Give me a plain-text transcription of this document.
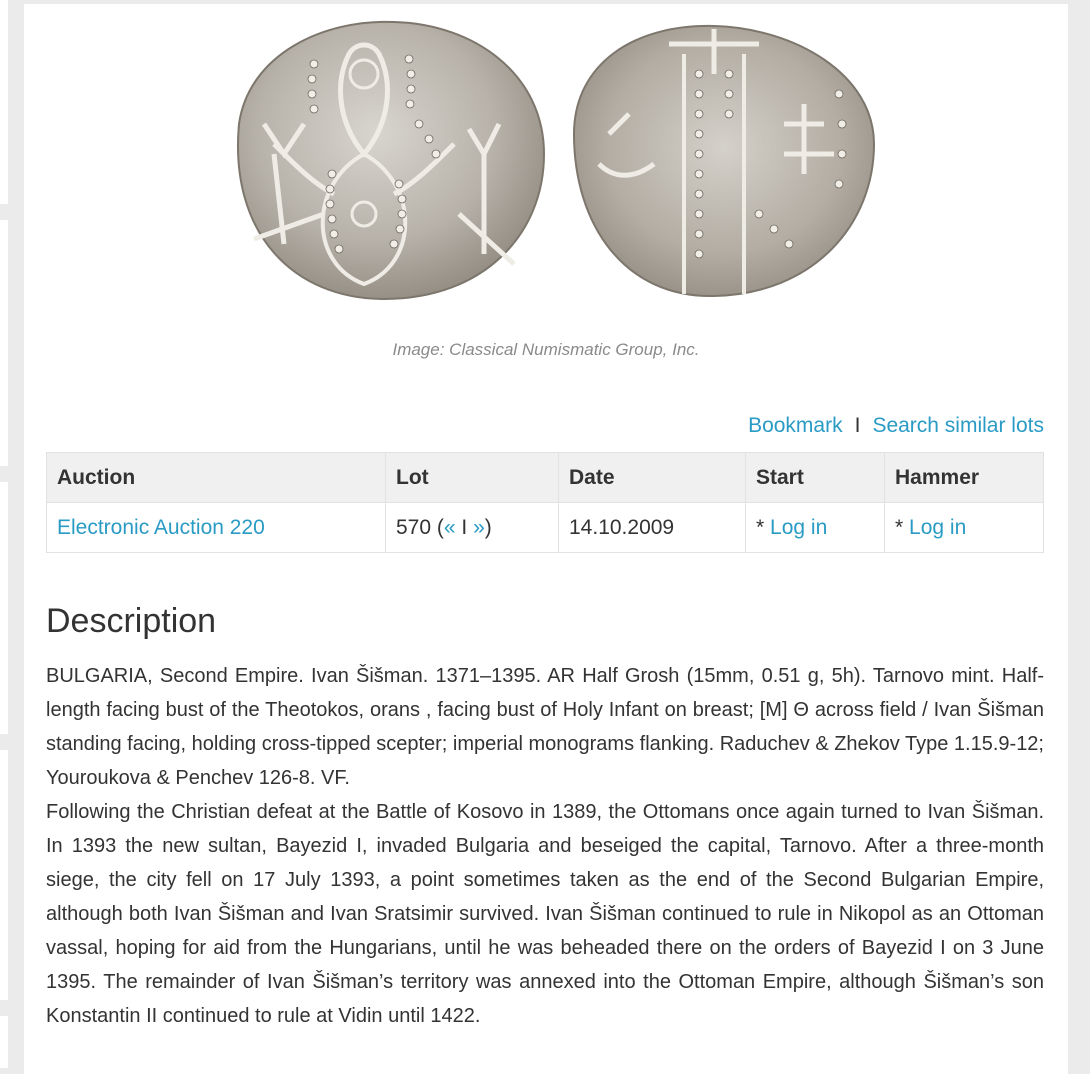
Image: Classical Numismatic Group, Inc.
Bookmark I Search similar lots
Auction	Lot	Date	Start	Hammer
Electronic Auction 220	570 (« I »)	14.10.2009	* Log in	* Log in
Description

BULGARIA, Second Empire. Ivan Šišman. 1371–1395. AR Half Grosh (15mm, 0.51 g, 5h). Tarnovo mint. Half-length facing bust of the Theotokos, orans , facing bust of Holy Infant on breast; [M] Θ across field / Ivan Šišman standing facing, holding cross-tipped scepter; imperial monograms flanking. Raduchev & Zhekov Type 1.15.9-12; Youroukova & Penchev 126-8. VF.

Following the Christian defeat at the Battle of Kosovo in 1389, the Ottomans once again turned to Ivan Šišman. In 1393 the new sultan, Bayezid I, invaded Bulgaria and beseiged the capital, Tarnovo. After a three-month siege, the city fell on 17 July 1393, a point sometimes taken as the end of the Second Bulgarian Empire, although both Ivan Šišman and Ivan Sratsimir survived. Ivan Šišman continued to rule in Nikopol as an Ottoman vassal, hoping for aid from the Hungarians, until he was beheaded there on the orders of Bayezid I on 3 June 1395. The remainder of Ivan Šišman’s territory was annexed into the Ottoman Empire, although Šišman’s son Konstantin II continued to rule at Vidin until 1422.
